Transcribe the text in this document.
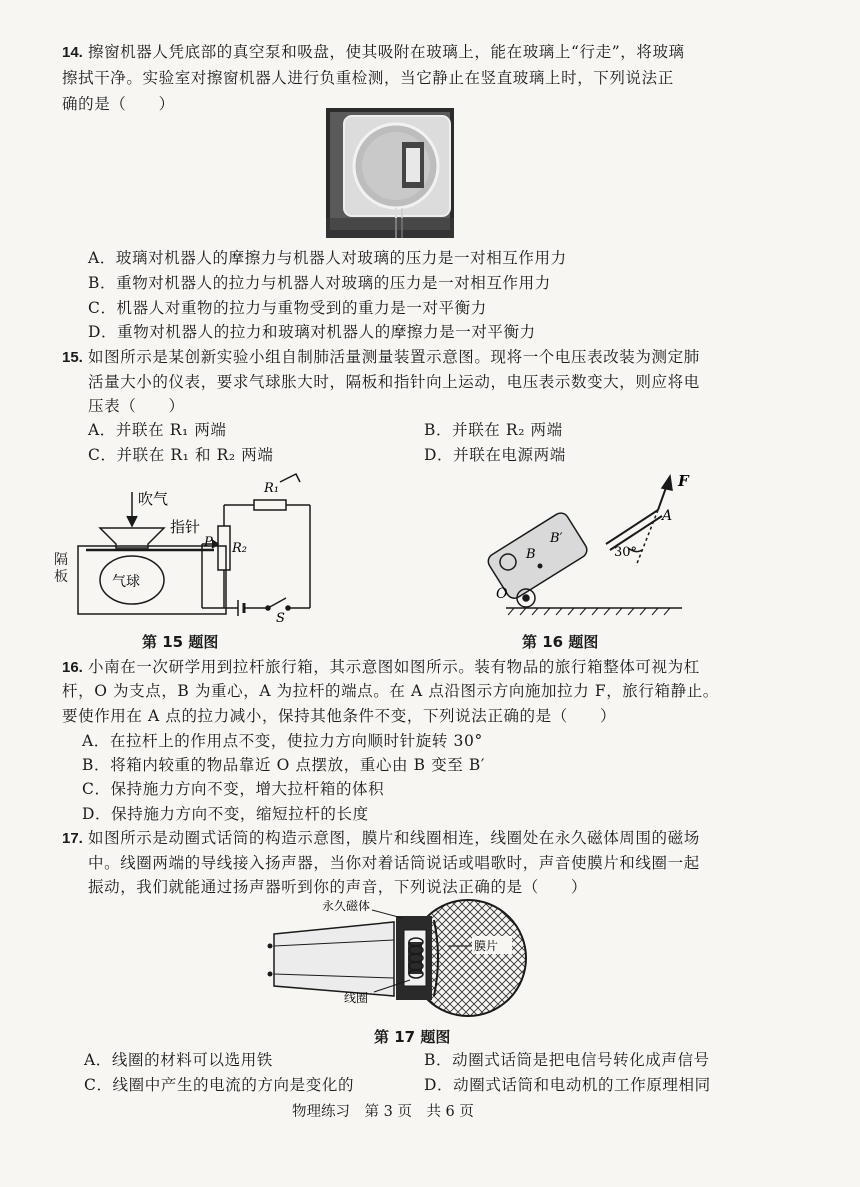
14. 擦窗机器人凭底部的真空泵和吸盘，使其吸附在玻璃上，能在玻璃上“行走”，将玻璃
擦拭干净。实验室对擦窗机器人进行负重检测，当它静止在竖直玻璃上时，下列说法正
确的是（　　）
A．玻璃对机器人的摩擦力与机器人对玻璃的压力是一对相互作用力
B．重物对机器人的拉力与机器人对玻璃的压力是一对相互作用力
C．机器人对重物的拉力与重物受到的重力是一对平衡力
D．重物对机器人的拉力和玻璃对机器人的摩擦力是一对平衡力
15. 如图所示是某创新实验小组自制肺活量测量装置示意图。现将一个电压表改装为测定肺
活量大小的仪表，要求气球胀大时，隔板和指针向上运动，电压表示数变大，则应将电
压表（　　）
A．并联在 R₁ 两端	B．并联在 R₂ 两端
C．并联在 R₁ 和 R₂ 两端	D．并联在电源两端
吹气
指针
气球
R₁
R₂
P
S
隔板
第 15 题图
F
A
B
B′
O
30°
第 16 题图
16. 小南在一次研学用到拉杆旅行箱，其示意图如图所示。装有物品的旅行箱整体可视为杠
杆，O 为支点，B 为重心，A 为拉杆的端点。在 A 点沿图示方向施加拉力 F，旅行箱静止。
要使作用在 A 点的拉力减小，保持其他条件不变，下列说法正确的是（　　）
A．在拉杆上的作用点不变，使拉力方向顺时针旋转 30°
B．将箱内较重的物品靠近 O 点摆放，重心由 B 变至 B′
C．保持施力方向不变，增大拉杆箱的体积
D．保持施力方向不变，缩短拉杆的长度
17. 如图所示是动圈式话筒的构造示意图，膜片和线圈相连，线圈处在永久磁体周围的磁场
中。线圈两端的导线接入扬声器，当你对着话筒说话或唱歌时，声音使膜片和线圈一起
振动，我们就能通过扬声器听到你的声音，下列说法正确的是（　　）
永久磁体
膜片
线圈
第 17 题图
A．线圈的材料可以选用铁	B．动圈式话筒是把电信号转化成声信号
C．线圈中产生的电流的方向是变化的	D．动圈式话筒和电动机的工作原理相同
物理练习　第 3 页　共 6 页
